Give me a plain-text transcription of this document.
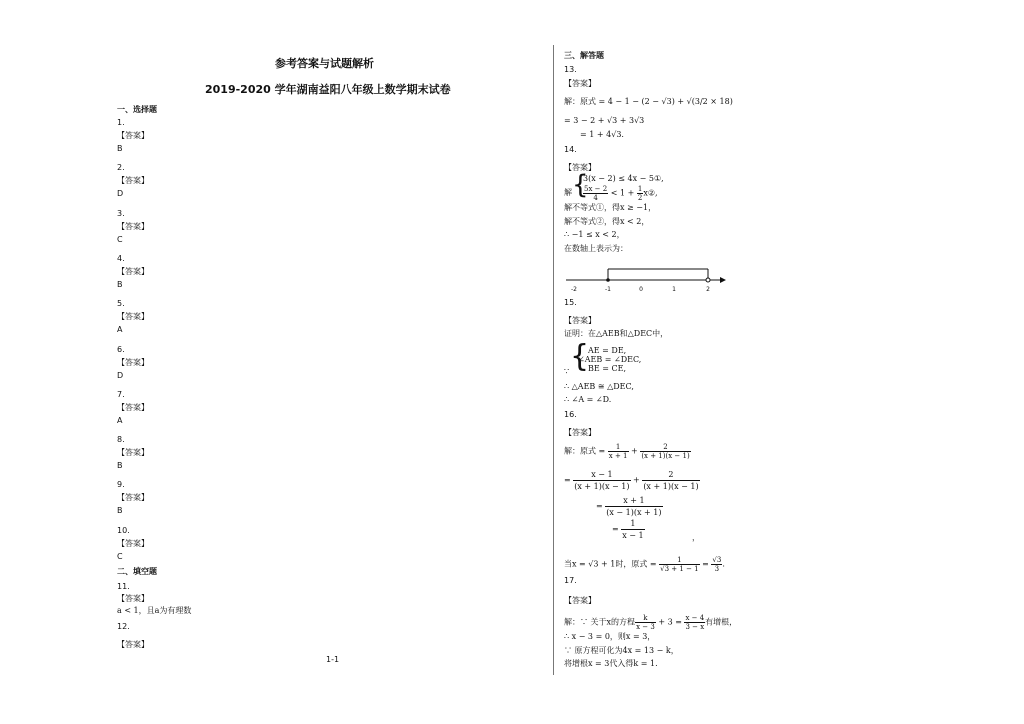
参考答案与试题解析
2019-2020 学年湖南益阳八年级上数学期末试卷
一、选择题
1.
【答案】
B
2.
【答案】
D
3.
【答案】
C
4.
【答案】
B
5.
【答案】
A
6.
【答案】
D
7.
【答案】
A
8.
【答案】
B
9.
【答案】
B
10.
【答案】
C
二、填空题
11.
【答案】
a < 1，且a为有理数
12.
【答案】
1-1
三、解答题
13.
【答案】
解：原式 = 4 − 1 − (2 − √3) + √(3/2 × 18)
= 3 − 2 + √3 + 3√3
= 1 + 4√3.
14.
【答案】
解 {
3(x − 2) ≤ 4x − 5①,
$\frac{5x - 2}{4} < 1 + \frac{1}{2}$ x②,
解不等式①，得x ≥ −1，
解不等式②，得x < 2，
∴ −1 ≤ x < 2，
在数轴上表示为：
-2	-1	0	1	2
15.
【答案】
证明：在△AEB和△DEC中，
{
AE = DE,
∠AEB = ∠DEC,
BE = CE,
∵
∴ △AEB ≅ △DEC,
∴ ∠A = ∠D.
16.
【答案】
解：原式 = $\frac{1}{x + 1} + \frac{2}{(x + 1)(x - 1)}$
= $\frac{x - 1}{(x + 1)(x - 1)} + \frac{2}{(x + 1)(x - 1)}$
= $\frac{x + 1}{(x - 1)(x + 1)}$
= $\frac{1}{x - 1}$	，
当x = √3 + 1时，原式 = $\frac{1}{√3 + 1 - 1} = \frac{√3}{3}$ .
17.
【答案】
解：∵ 关于x的方程 $\frac{k}{x - 3} + 3 = \frac{x - 4}{3 - x}$ 有增根，
∴ x − 3 = 0，则x = 3，
∵ 原方程可化为4x = 13 − k，
将增根x = 3代入得k = 1.
